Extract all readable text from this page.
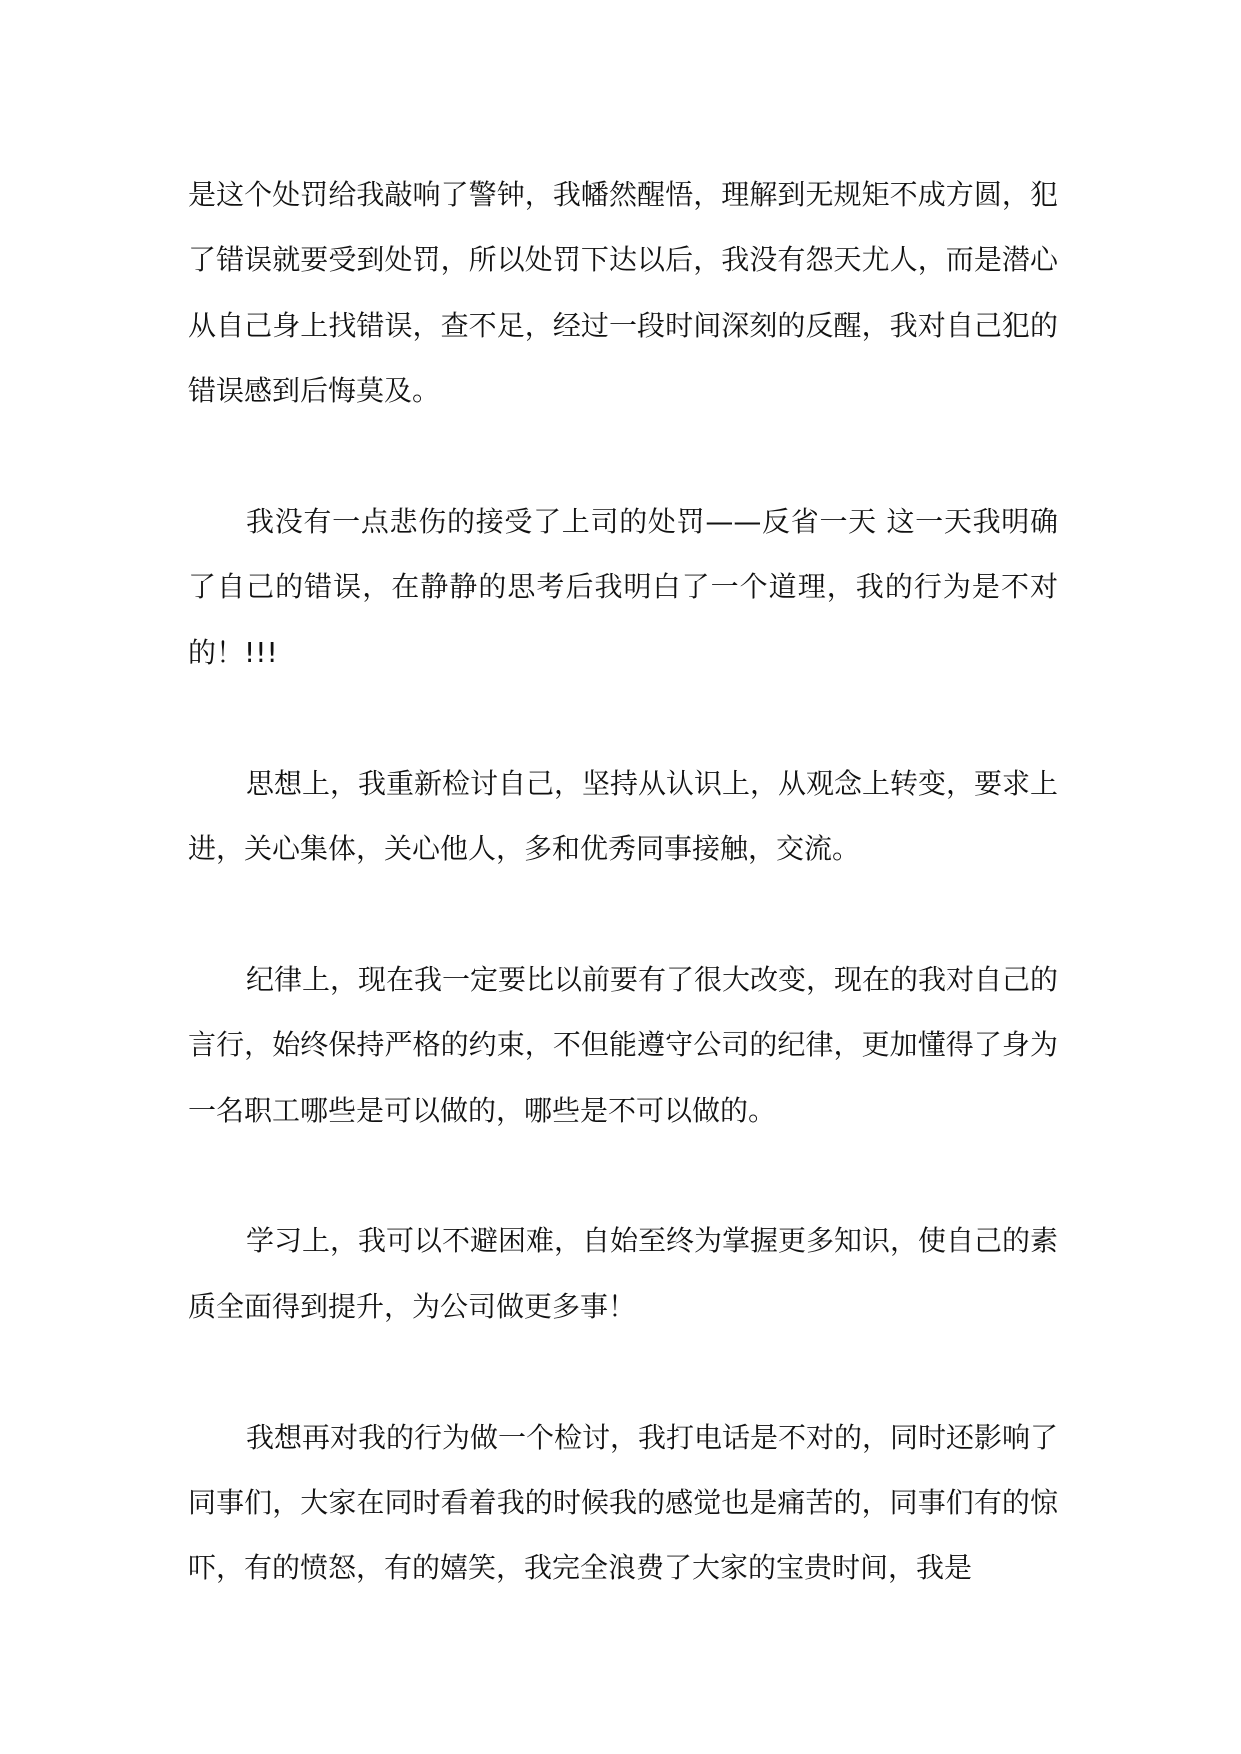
是这个处罚给我敲响了警钟，我幡然醒悟，理解到无规矩不成方圆，犯了错误就要受到处罚，所以处罚下达以后，我没有怨天尤人，而是潜心从自己身上找错误，查不足，经过一段时间深刻的反醒，我对自己犯的错误感到后悔莫及。

我没有一点悲伤的接受了上司的处罚——反省一天 这一天我明确了自己的错误，在静静的思考后我明白了一个道理，我的行为是不对的！!!!

思想上，我重新检讨自己，坚持从认识上，从观念上转变，要求上进，关心集体，关心他人，多和优秀同事接触，交流。

纪律上，现在我一定要比以前要有了很大改变，现在的我对自己的言行，始终保持严格的约束，不但能遵守公司的纪律，更加懂得了身为一名职工哪些是可以做的，哪些是不可以做的。

学习上，我可以不避困难，自始至终为掌握更多知识，使自己的素质全面得到提升，为公司做更多事！

我想再对我的行为做一个检讨，我打电话是不对的，同时还影响了同事们，大家在同时看着我的时候我的感觉也是痛苦的，同事们有的惊吓，有的愤怒，有的嬉笑，我完全浪费了大家的宝贵时间，我是
